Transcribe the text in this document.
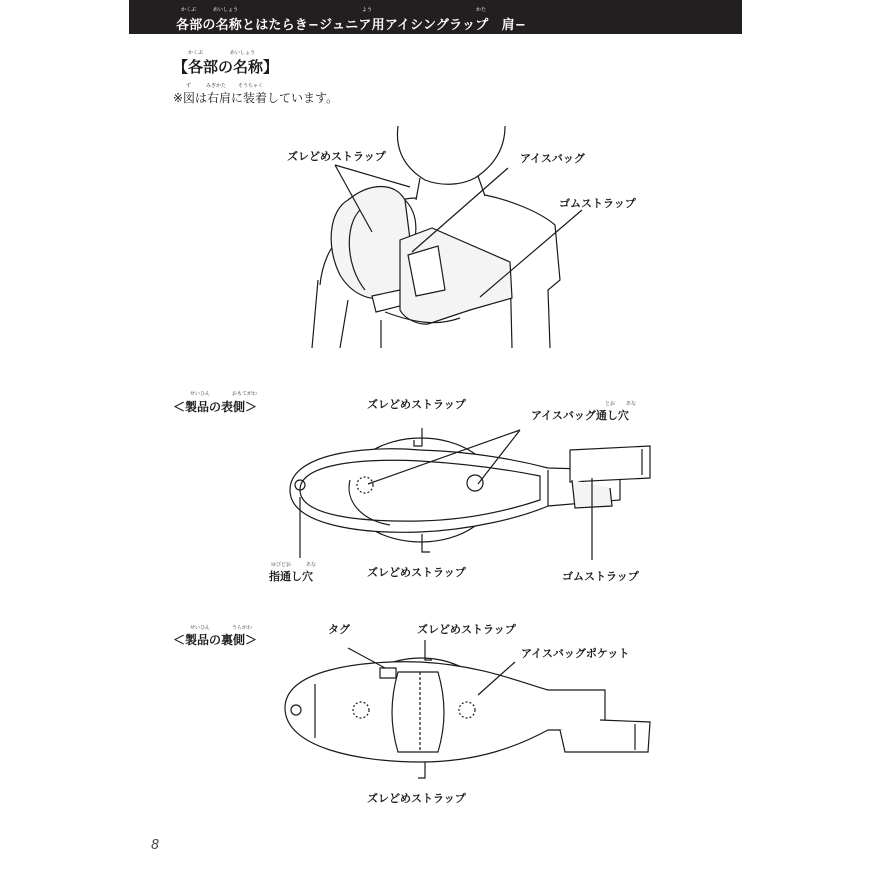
かくぶ	めいしょう	よう	かた
各部の名称とはたらき−ジュニア用アイシングラップ　肩−
かくぶ	めいしょう
【各部の名称】
ず	みぎかた そうちゃく
※図は右肩に装着しています。
ズレどめストラップ	アイスバッグ
ゴムストラップ
せいひん	おもてがわ
＜製品の表側＞	ズレどめストラップ	とお あな
アイスバッグ通し穴
ゆびどお	あな
指通し穴	ズレどめストラップ	ゴムストラップ
せいひん	うらがわ
＜製品の裏側＞
タグ	ズレどめストラップ
アイスバッグポケット
ズレどめストラップ
8
